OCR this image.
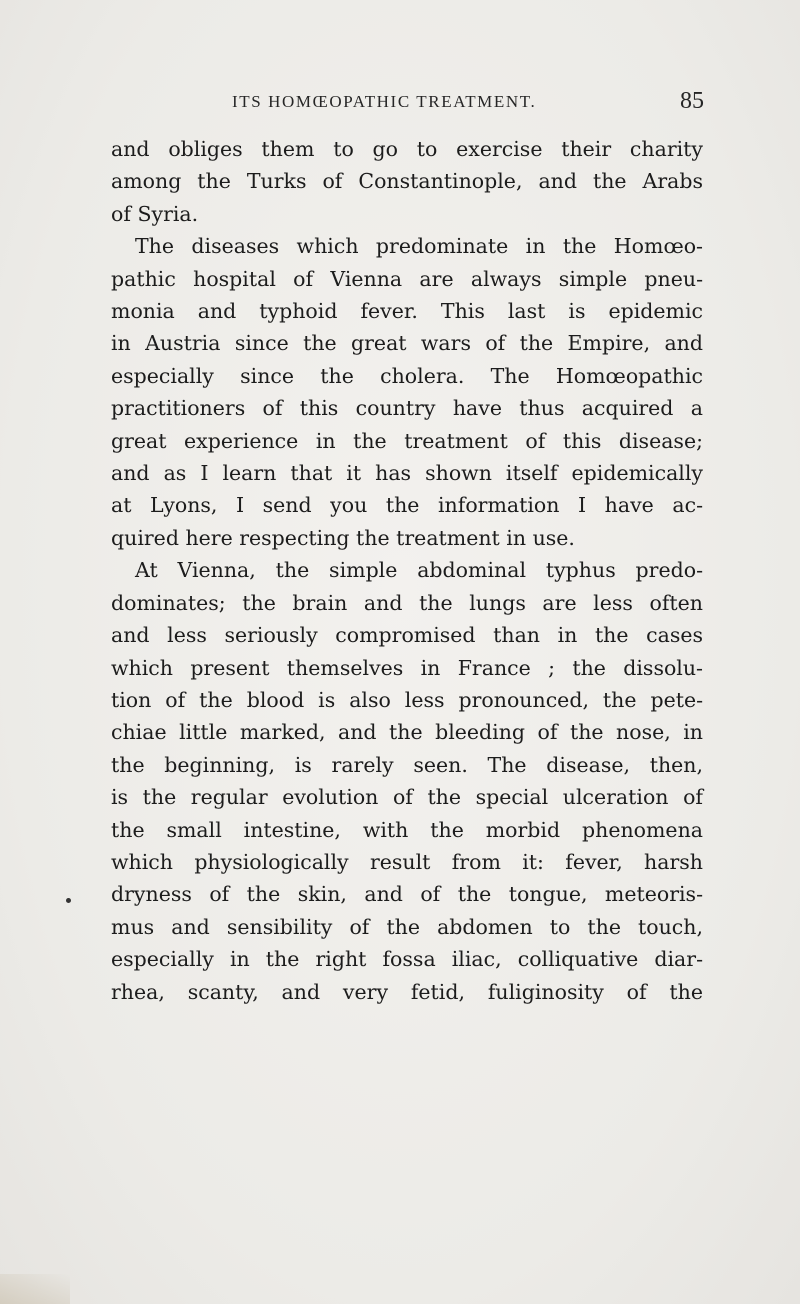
ITS HOMŒOPATHIC TREATMENT.	85
and obliges them to go to exercise their charity
among the Turks of Constantinople, and the Arabs
of Syria.
The diseases which predominate in the Homœo-
pathic hospital of Vienna are always simple pneu-
monia and typhoid fever. This last is epidemic
in Austria since the great wars of the Empire, and
especially since the cholera. The Homœopathic
practitioners of this country have thus acquired a
great experience in the treatment of this disease;
and as I learn that it has shown itself epidemically
at Lyons, I send you the information I have ac-
quired here respecting the treatment in use.
At Vienna, the simple abdominal typhus predo-
dominates; the brain and the lungs are less often
and less seriously compromised than in the cases
which present themselves in France ; the dissolu-
tion of the blood is also less pronounced, the pete-
chiae little marked, and the bleeding of the nose, in
the beginning, is rarely seen. The disease, then,
is the regular evolution of the special ulceration of
the small intestine, with the morbid phenomena
which physiologically result from it: fever, harsh
dryness of the skin, and of the tongue, meteoris-
mus and sensibility of the abdomen to the touch,
especially in the right fossa iliac, colliquative diar-
rhea, scanty, and very fetid, fuliginosity of the
